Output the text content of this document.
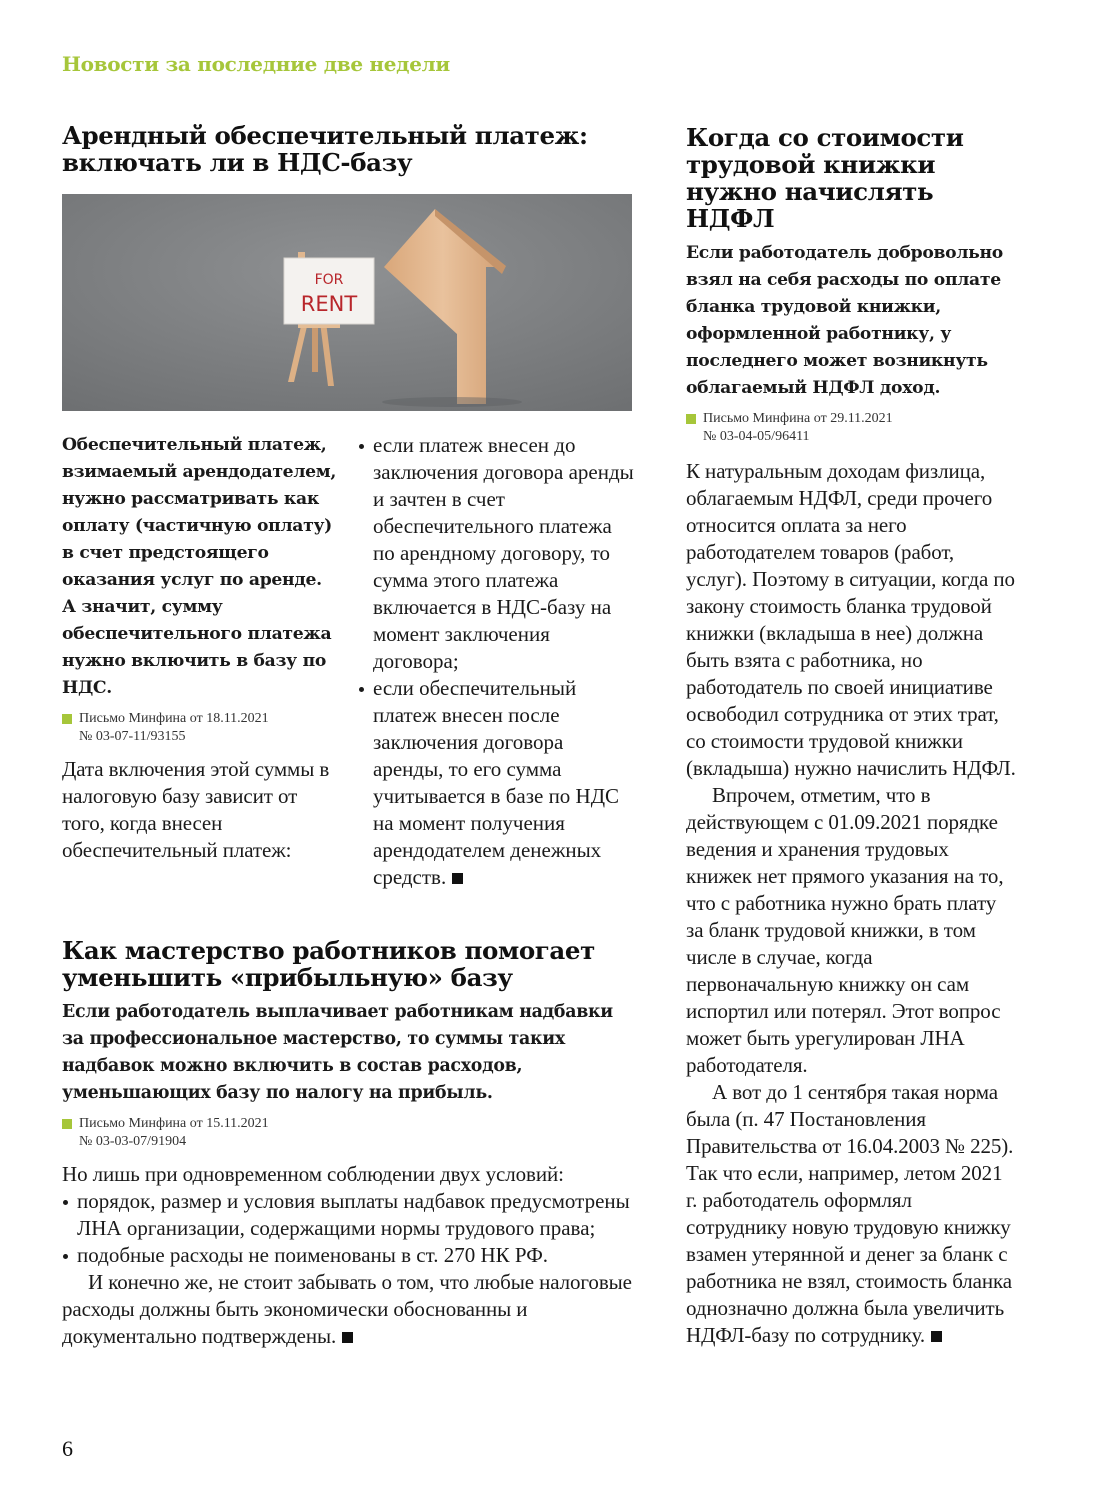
Новости за последние две недели
Арендный обеспечительный платеж: включать ли в НДС-базу
FOR
RENT

Обеспечительный платеж, взимаемый арендодателем, нужно рассматривать как оплату (частичную оплату) в счет предстоящего оказания услуг по аренде. А значит, сумму обеспечительного платежа нужно включить в базу по НДС.

Письмо Минфина от 18.11.2021
№ 03-07-11/93155

Дата включения этой суммы в налоговую базу зависит от того, когда внесен обеспечительный платеж:

если платеж внесен до заключения договора аренды и зачтен в счет обеспечительного платежа по арендному договору, то сумма этого платежа включается в НДС-базу на момент заключения договора;
если обеспечительный платеж внесен после заключения договора аренды, то его сумма учитывается в базе по НДС на момент получения арендодателем денежных средств.
Как мастерство работников помогает уменьшить «прибыльную» базу

Если работодатель выплачивает работникам надбавки за профессиональное мастерство, то суммы таких надбавок можно включить в состав расходов, уменьшающих базу по налогу на прибыль.

Письмо Минфина от 15.11.2021
№ 03-03-07/91904

Но лишь при одновременном соблюдении двух условий:

порядок, размер и условия выплаты надбавок предусмотрены ЛНА организации, содержащими нормы трудового права;
подобные расходы не поименованы в ст. 270 НК РФ.

И конечно же, не стоит забывать о том, что любые налоговые расходы должны быть экономически обоснованны и документально подтверждены.

Когда со стоимости трудовой книжки нужно начислять НДФЛ

Если работодатель добровольно взял на себя расходы по оплате бланка трудовой книжки, оформленной работнику, у последнего может возникнуть облагаемый НДФЛ доход.

Письмо Минфина от 29.11.2021
№ 03-04-05/96411

К натуральным доходам физлица, облагаемым НДФЛ, среди прочего относится оплата за него работодателем товаров (работ, услуг). Поэтому в ситуации, когда по закону стоимость бланка трудовой книжки (вкладыша в нее) должна быть взята с работника, но работодатель по своей инициативе освободил сотрудника от этих трат, со стоимости трудовой книжки (вкладыша) нужно начислить НДФЛ.

Впрочем, отметим, что в действующем с 01.09.2021 порядке ведения и хранения трудовых книжек нет прямого указания на то, что с работника нужно брать плату за бланк трудовой книжки, в том числе в случае, когда первоначальную книжку он сам испортил или потерял. Этот вопрос может быть урегулирован ЛНА работодателя.

А вот до 1 сентября такая норма была (п. 47 Постановления Правительства от 16.04.2003 № 225). Так что если, например, летом 2021 г. работодатель оформлял сотруднику новую трудовую книжку взамен утерянной и денег за бланк с работника не взял, стоимость бланка однозначно должна была увеличить НДФЛ-базу по сотруднику.

6
